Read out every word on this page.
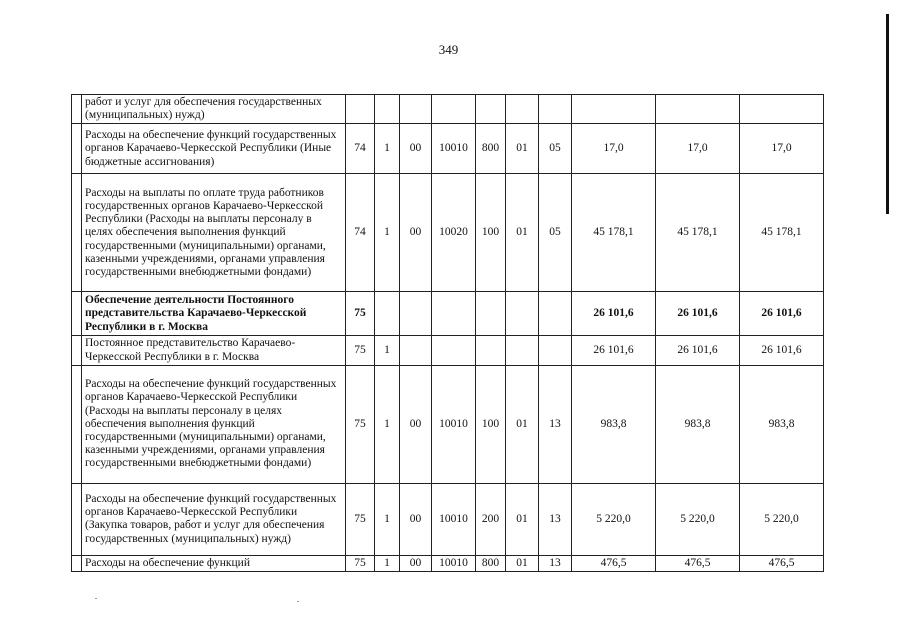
349
	работ и услуг для обеспечения государственных (муниципальных) нужд)										
	Расходы на обеспечение функций государственных органов Карачаево-Черкесской Республики (Иные бюджетные ассигнования)	74	1	00	10010	800	01	05	17,0	17,0	17,0
	Расходы на выплаты по оплате труда работников государственных органов Карачаево-Черкесской Республики (Расходы на выплаты персоналу в целях обеспечения выполнения функций государственными (муниципальными) органами, казенными учреждениями, органами управления государственными внебюджетными фондами)	74	1	00	10020	100	01	05	45 178,1	45 178,1	45 178,1
	Обеспечение деятельности Постоянного представительства Карачаево-Черкесской Республики в г. Москва	75							26 101,6	26 101,6	26 101,6
	Постоянное представительство Карачаево-Черкесской Республики в г. Москва	75	1						26 101,6	26 101,6	26 101,6
	Расходы на обеспечение функций государственных органов Карачаево-Черкесской Республики (Расходы на выплаты персоналу в целях обеспечения выполнения функций государственными (муниципальными) органами, казенными учреждениями, органами управления государственными внебюджетными фондами)	75	1	00	10010	100	01	13	983,8	983,8	983,8
	Расходы на обеспечение функций государственных органов Карачаево-Черкесской Республики (Закупка товаров, работ и услуг для обеспечения государственных (муниципальных) нужд)	75	1	00	10010	200	01	13	5 220,0	5 220,0	5 220,0
	Расходы на обеспечение функций	75	1	00	10010	800	01	13	476,5	476,5	476,5
